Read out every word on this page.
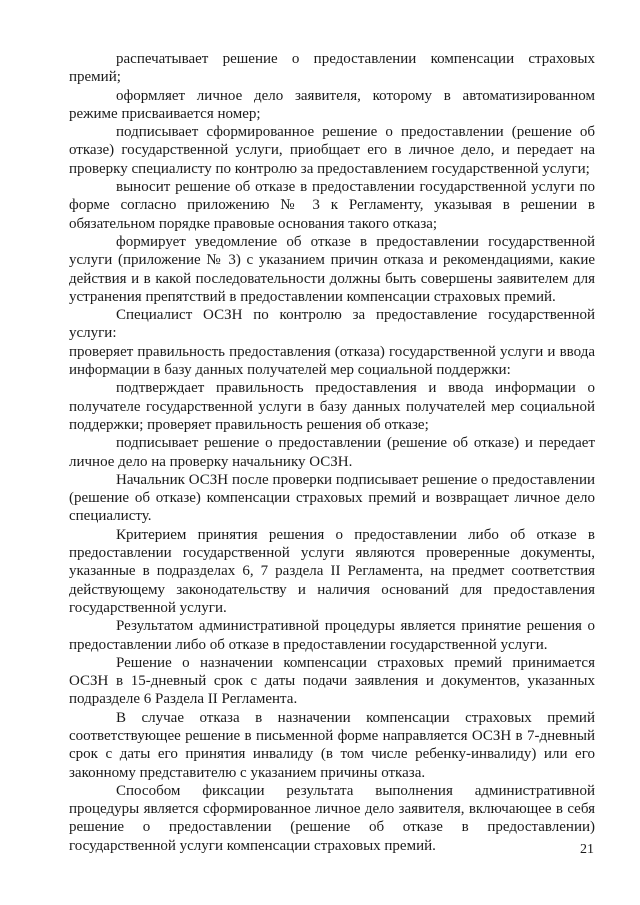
распечатывает решение о предоставлении компенсации страховых премий;

оформляет личное дело заявителя, которому в автоматизированном режиме присваивается номер;

подписывает сформированное решение о предоставлении (решение об отказе) государственной услуги, приобщает его в личное дело, и передает на проверку специалисту по контролю за предоставлением государственной услуги;

выносит решение об отказе в предоставлении государственной услуги по форме согласно приложению № 3 к Регламенту, указывая в решении в обязательном порядке правовые основания такого отказа;

формирует уведомление об отказе в предоставлении государственной услуги (приложение № 3) с указанием причин отказа и рекомендациями, какие действия и в какой последовательности должны быть совершены заявителем для устранения препятствий в предоставлении компенсации страховых премий.

Специалист ОСЗН по контролю за предоставление государственной услуги:

проверяет правильность предоставления (отказа) государственной услуги и ввода информации в базу данных получателей мер социальной поддержки:

подтверждает правильность предоставления и ввода информации о получателе государственной услуги в базу данных получателей мер социальной поддержки; проверяет правильность решения об отказе;

подписывает решение о предоставлении (решение об отказе) и передает личное дело на проверку начальнику ОСЗН.

Начальник ОСЗН после проверки подписывает решение о предоставлении (решение об отказе) компенсации страховых премий и возвращает личное дело специалисту.

Критерием принятия решения о предоставлении либо об отказе в предоставлении государственной услуги являются проверенные документы, указанные в подразделах 6, 7 раздела II Регламента, на предмет соответствия действующему законодательству и наличия оснований для предоставления государственной услуги.

Результатом административной процедуры является принятие решения о предоставлении либо об отказе в предоставлении государственной услуги.

Решение о назначении компенсации страховых премий принимается ОСЗН в 15-дневный срок с даты подачи заявления и документов, указанных подразделе 6 Раздела II Регламента.

В случае отказа в назначении компенсации страховых премий соответствующее решение в письменной форме направляется ОСЗН в 7-дневный срок с даты его принятия инвалиду (в том числе ребенку-инвалиду) или его законному представителю с указанием причины отказа.

Способом фиксации результата выполнения административной процедуры является сформированное личное дело заявителя, включающее в себя решение о предоставлении (решение об отказе в предоставлении) государственной услуги компенсации страховых премий.	21
